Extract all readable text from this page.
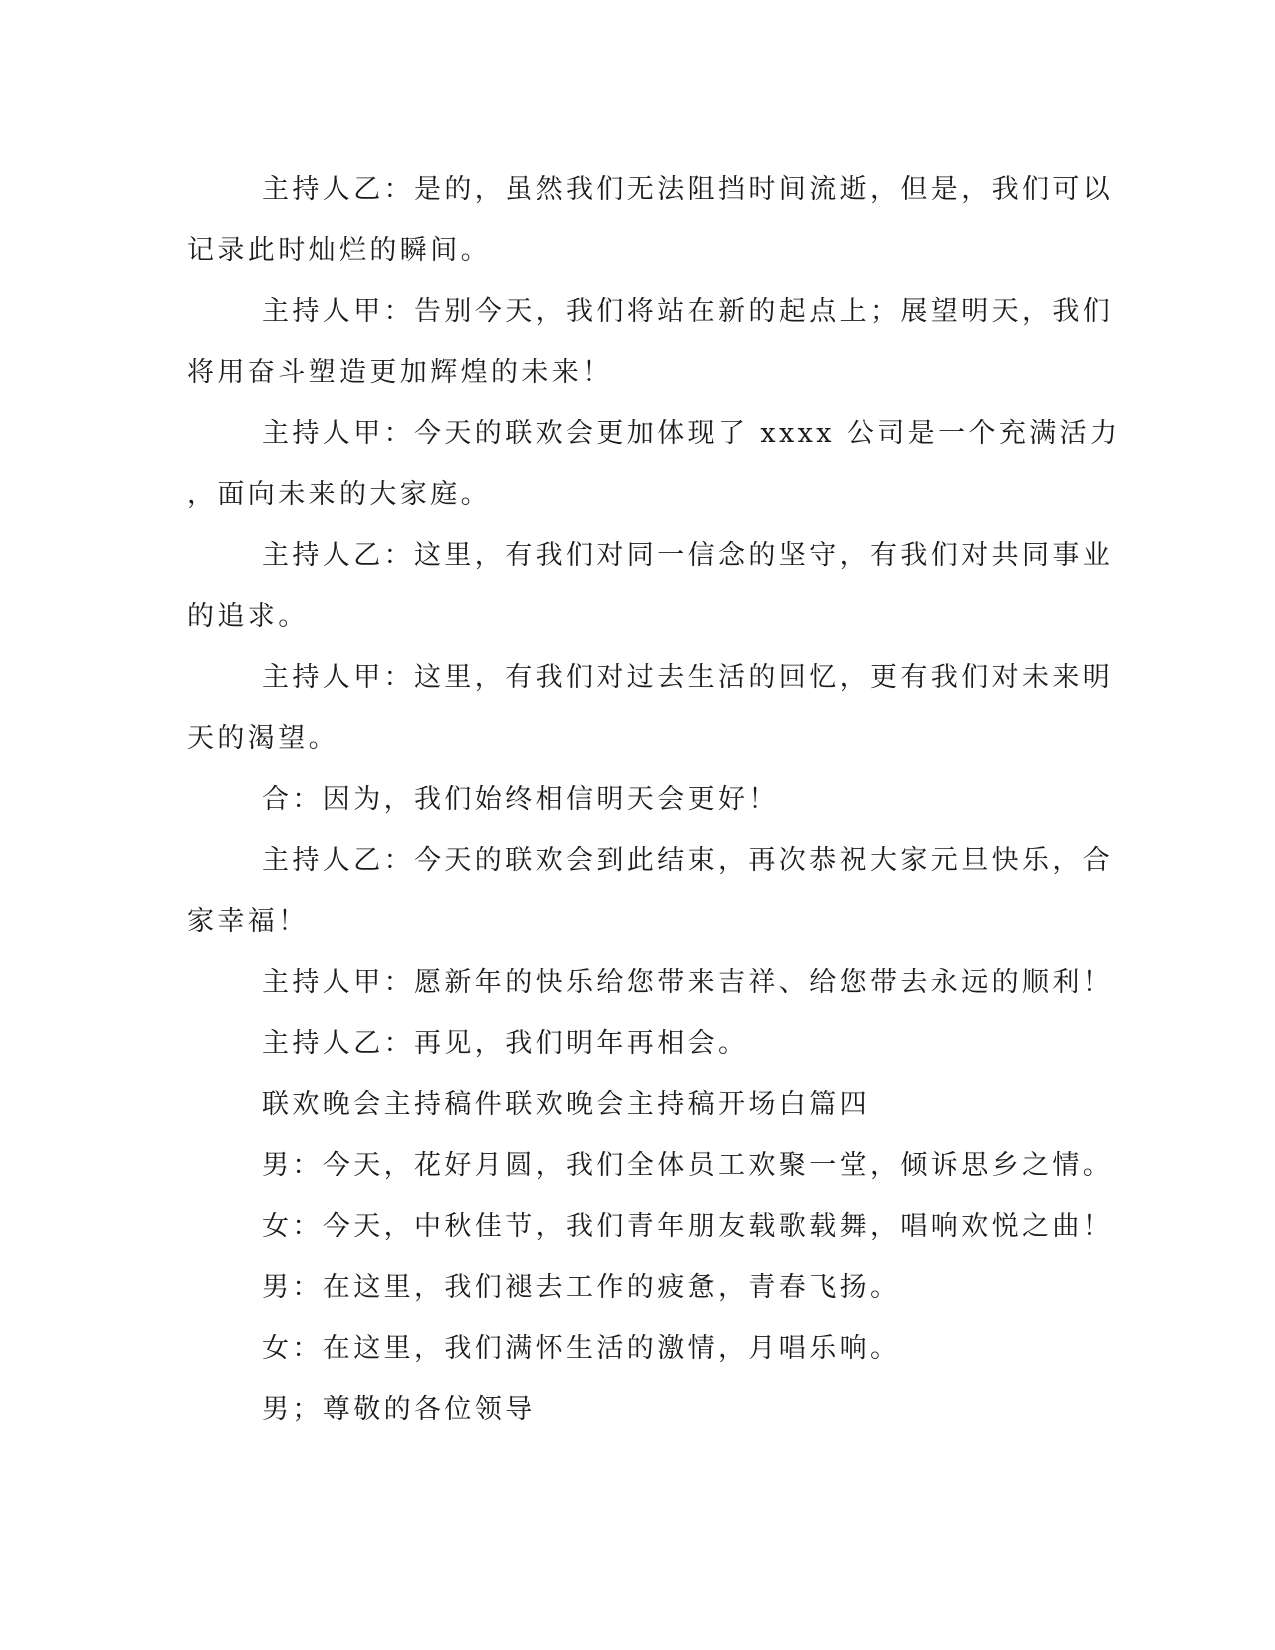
主持人乙：是的，虽然我们无法阻挡时间流逝，但是，我们可以

记录此时灿烂的瞬间。

主持人甲：告别今天，我们将站在新的起点上；展望明天，我们

将用奋斗塑造更加辉煌的未来！

主持人甲：今天的联欢会更加体现了 xxxx 公司是一个充满活力

，面向未来的大家庭。

主持人乙：这里，有我们对同一信念的坚守，有我们对共同事业

的追求。

主持人甲：这里，有我们对过去生活的回忆，更有我们对未来明

天的渴望。

合：因为，我们始终相信明天会更好！

主持人乙：今天的联欢会到此结束，再次恭祝大家元旦快乐，合

家幸福！

主持人甲：愿新年的快乐给您带来吉祥、给您带去永远的顺利！

主持人乙：再见，我们明年再相会。

联欢晚会主持稿件联欢晚会主持稿开场白篇四

男：今天，花好月圆，我们全体员工欢聚一堂，倾诉思乡之情。

女：今天，中秋佳节，我们青年朋友载歌载舞，唱响欢悦之曲！

男：在这里，我们褪去工作的疲惫，青春飞扬。

女：在这里，我们满怀生活的激情，月唱乐响。

男；尊敬的各位领导
